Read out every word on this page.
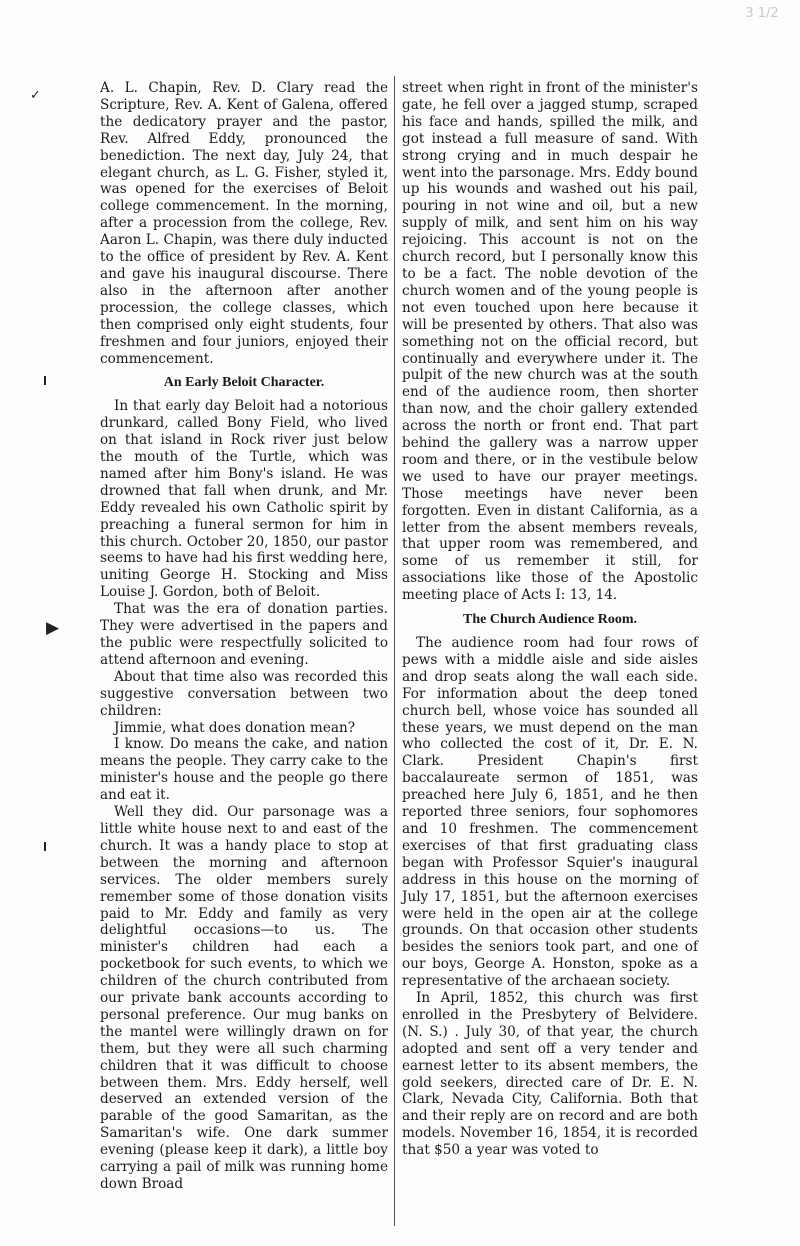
✓
▶
3 1/2

A. L. Chapin, Rev. D. Clary read the Scripture, Rev. A. Kent of Galena, offered the dedicatory prayer and the pastor, Rev. Alfred Eddy, pronounced the benediction. The next day, July 24, that elegant church, as L. G. Fisher, styled it, was opened for the exercises of Beloit college commencement. In the morning, after a procession from the college, Rev. Aaron L. Chapin, was there duly inducted to the office of president by Rev. A. Kent and gave his inaugural discourse. There also in the afternoon after another procession, the college classes, which then comprised only eight students, four freshmen and four juniors, enjoyed their commencement.

An Early Beloit Character.

In that early day Beloit had a notorious drunkard, called Bony Field, who lived on that island in Rock river just below the mouth of the Turtle, which was named after him Bony's island. He was drowned that fall when drunk, and Mr. Eddy revealed his own Catholic spirit by preaching a funeral sermon for him in this church. October 20, 1850, our pastor seems to have had his first wedding here, uniting George H. Stocking and Miss Louise J. Gordon, both of Beloit.

That was the era of donation parties. They were advertised in the papers and the public were respectfully solicited to attend afternoon and evening.

About that time also was recorded this suggestive conversation between two children:

Jimmie, what does donation mean?

I know. Do means the cake, and nation means the people. They carry cake to the minister's house and the people go there and eat it.

Well they did. Our parsonage was a little white house next to and east of the church. It was a handy place to stop at between the morning and afternoon services. The older members surely remember some of those donation visits paid to Mr. Eddy and family as very delightful occasions—to us. The minister's children had each a pocketbook for such events, to which we children of the church contributed from our private bank accounts according to personal preference. Our mug banks on the mantel were willingly drawn on for them, but they were all such charming children that it was difficult to choose between them. Mrs. Eddy herself, well deserved an extended version of the parable of the good Samaritan, as the Samaritan's wife. One dark summer evening (please keep it dark), a little boy carrying a pail of milk was running home down Broad

street when right in front of the minister's gate, he fell over a jagged stump, scraped his face and hands, spilled the milk, and got instead a full measure of sand. With strong crying and in much despair he went into the parsonage. Mrs. Eddy bound up his wounds and washed out his pail, pouring in not wine and oil, but a new supply of milk, and sent him on his way rejoicing. This account is not on the church record, but I personally know this to be a fact. The noble devotion of the church women and of the young people is not even touched upon here because it will be presented by others. That also was something not on the official record, but continually and everywhere under it. The pulpit of the new church was at the south end of the audience room, then shorter than now, and the choir gallery extended across the north or front end. That part behind the gallery was a narrow upper room and there, or in the vestibule below we used to have our prayer meetings. Those meetings have never been forgotten. Even in distant California, as a letter from the absent members reveals, that upper room was remembered, and some of us remember it still, for associations like those of the Apostolic meeting place of Acts I: 13, 14.

The Church Audience Room.

The audience room had four rows of pews with a middle aisle and side aisles and drop seats along the wall each side. For information about the deep toned church bell, whose voice has sounded all these years, we must depend on the man who collected the cost of it, Dr. E. N. Clark. President Chapin's first baccalaureate sermon of 1851, was preached here July 6, 1851, and he then reported three seniors, four sophomores and 10 freshmen. The commencement exercises of that first graduating class began with Professor Squier's inaugural address in this house on the morning of July 17, 1851, but the afternoon exercises were held in the open air at the college grounds. On that occasion other students besides the seniors took part, and one of our boys, George A. Honston, spoke as a representative of the archaean society.

In April, 1852, this church was first enrolled in the Presbytery of Belvidere. (N. S.) . July 30, of that year, the church adopted and sent off a very tender and earnest letter to its absent members, the gold seekers, directed care of Dr. E. N. Clark, Nevada City, California. Both that and their reply are on record and are both models. November 16, 1854, it is recorded that $50 a year was voted to
